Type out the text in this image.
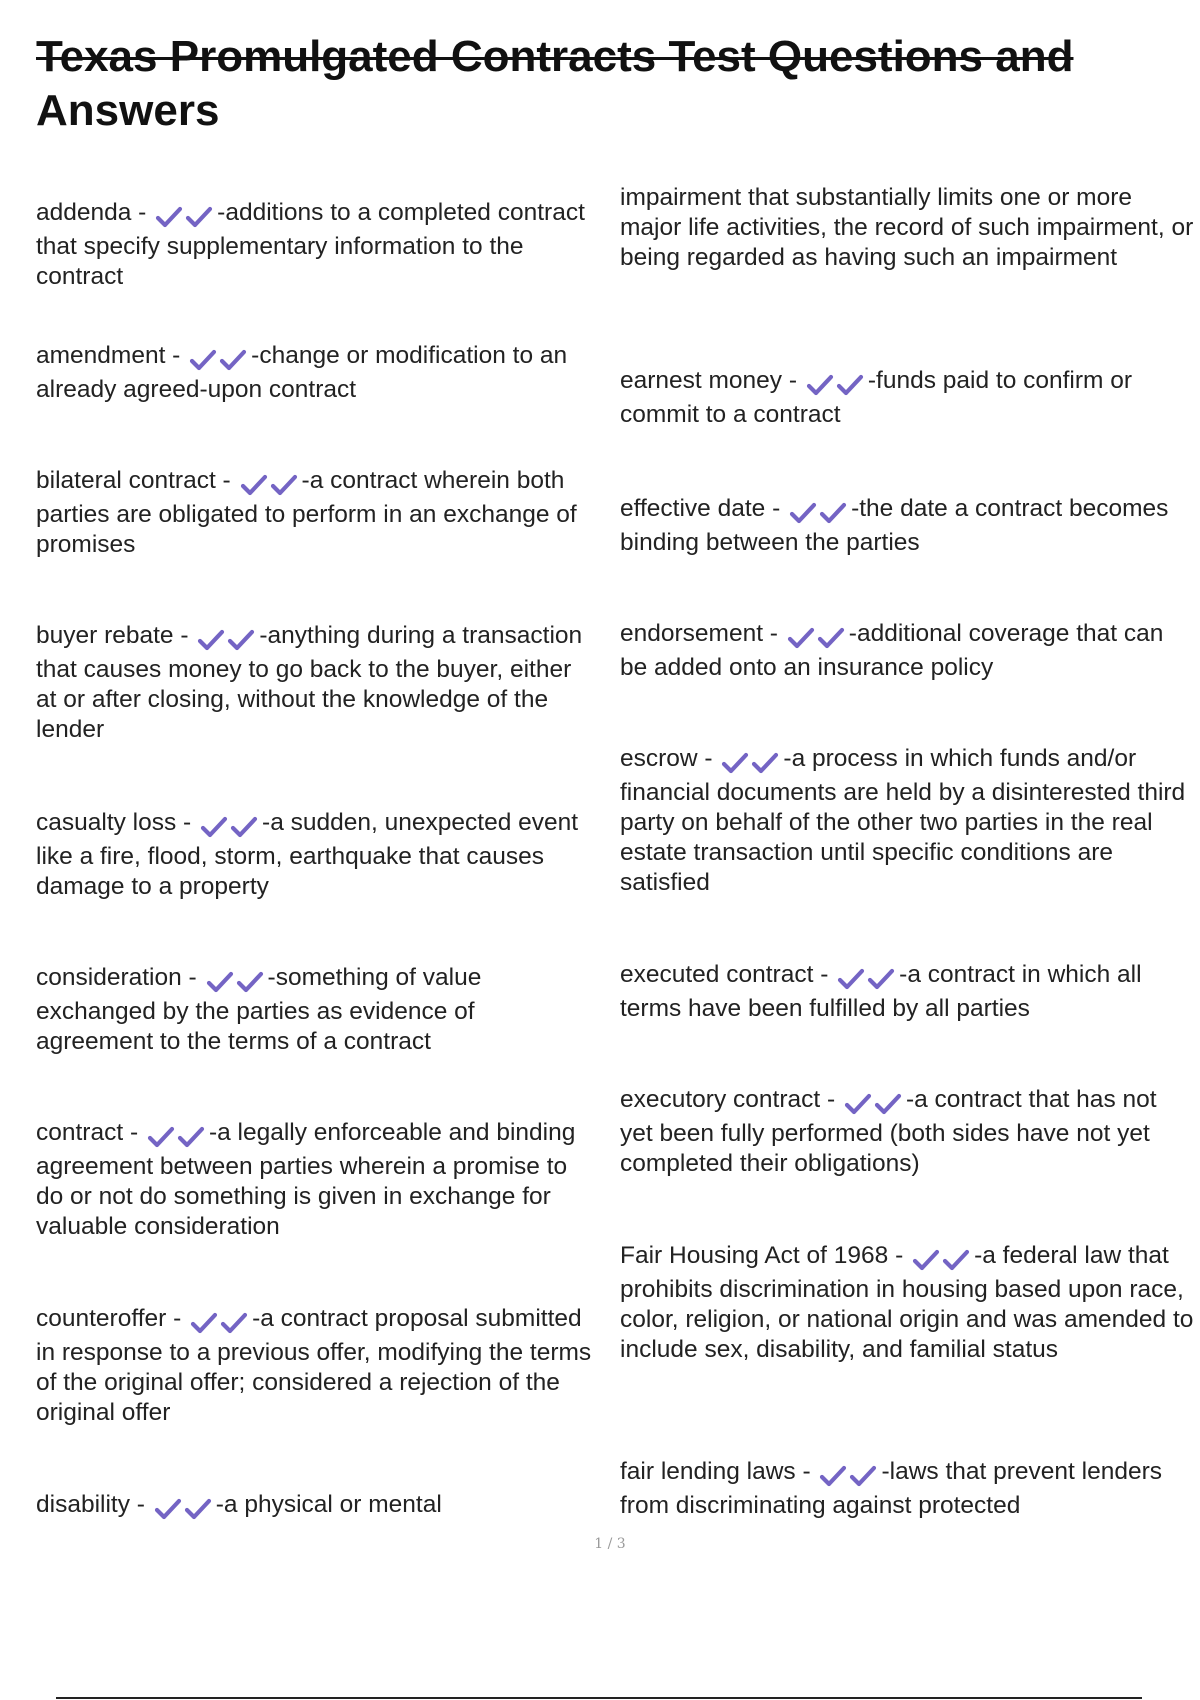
Texas Promulgated Contracts Test Questions and
Answers

addenda -	-additions to a completed contract that specify supplementary information to the contract

amendment -	-change or modification to an already agreed-upon contract

bilateral contract -	-a contract wherein both parties are obligated to perform in an exchange of promises

buyer rebate -	-anything during a transaction that causes money to go back to the buyer, either at or after closing, without the knowledge of the lender

casualty loss -	-a sudden, unexpected event like a fire, flood, storm, earthquake that causes damage to a property

consideration -	-something of value exchanged by the parties as evidence of agreement to the terms of a contract

contract -	-a legally enforceable and binding agreement between parties wherein a promise to do or not do something is given in exchange for valuable consideration

counteroffer -	-a contract proposal submitted in response to a previous offer, modifying the terms of the original offer; considered a rejection of the original offer

disability -	-a physical or mental

impairment that substantially limits one or more major life activities, the record of such impairment, or being regarded as having such an impairment

earnest money -	-funds paid to confirm or commit to a contract

effective date -	-the date a contract becomes binding between the parties

endorsement -	-additional coverage that can be added onto an insurance policy

escrow -	-a process in which funds and/or financial documents are held by a disinterested third party on behalf of the other two parties in the real estate transaction until specific conditions are satisfied

executed contract -	-a contract in which all terms have been fulfilled by all parties

executory contract -	-a contract that has not yet been fully performed (both sides have not yet completed their obligations)

Fair Housing Act of 1968 -	-a federal law that prohibits discrimination in housing based upon race, color, religion, or national origin and was amended to include sex, disability, and familial status

fair lending laws -	-laws that prevent lenders from discriminating against protected

1 / 3
